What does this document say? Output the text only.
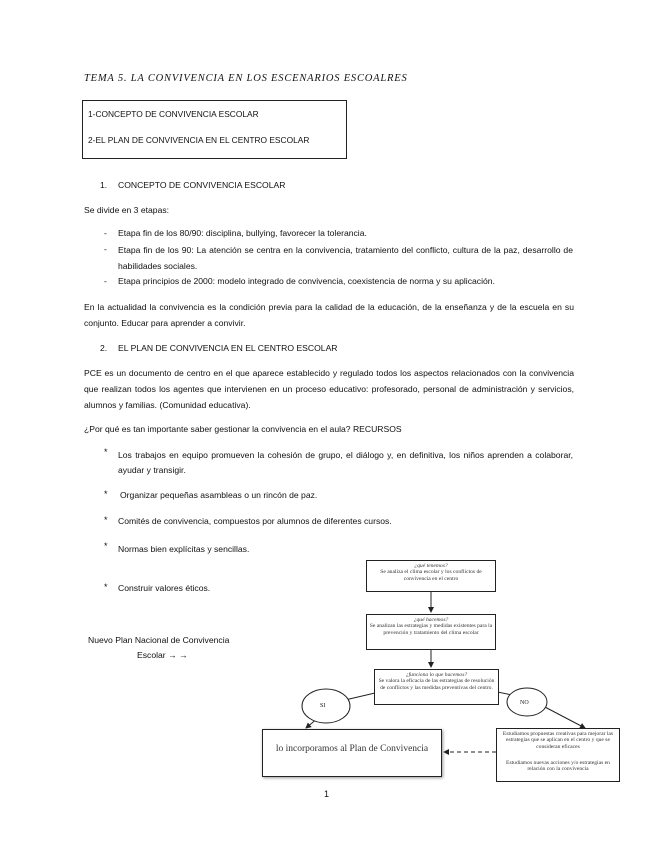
TEMA 5. LA CONVIVENCIA EN LOS ESCENARIOS ESCOALRES
1-CONCEPTO DE CONVIVENCIA ESCOLAR
2-EL PLAN DE CONVIVENCIA EN EL CENTRO ESCOLAR
1. CONCEPTO DE CONVIVENCIA ESCOLAR
Se divide en 3 etapas:
- Etapa fin de los 80/90: disciplina, bullying, favorecer la tolerancia.
- Etapa fin de los 90: La atención se centra en la convivencia, tratamiento del conflicto, cultura de la paz, desarrollo de habilidades sociales.
- Etapa principios de 2000: modelo integrado de convivencia, coexistencia de norma y su aplicación.
En la actualidad la convivencia es la condición previa para la calidad de la educación, de la enseñanza y de la escuela en su conjunto. Educar para aprender a convivir.
2. EL PLAN DE CONVIVENCIA EN EL CENTRO ESCOLAR
PCE es un documento de centro en el que aparece establecido y regulado todos los aspectos relacionados con la convivencia que realizan todos los agentes que intervienen en un proceso educativo: profesorado, personal de administración y servicios, alumnos y familias. (Comunidad educativa).
¿Por qué es tan importante saber gestionar la convivencia en el aula? RECURSOS
* Los trabajos en equipo promueven la cohesión de grupo, el diálogo y, en definitiva, los niños aprenden a colaborar, ayudar y transigir.
* Organizar pequeñas asambleas o un rincón de paz.
* Comités de convivencia, compuestos por alumnos de diferentes cursos.
* Normas bien explícitas y sencillas.
* Construir valores éticos.
Nuevo Plan Nacional de Convivencia
Escolar → →
SI	NO
¿qué tenemos?
Se analiza el clima escolar y los conflictos de convivencia en el centro
¿qué hacemos?
Se analizan las estrategias y medidas existentes para la prevención y tratamiento del clima escolar
¿funciona lo que hacemos?
Se valora la eficacia de las estrategias de resolución de conflictos y las medidas preventivas del centro.
lo incorporamos al Plan de Convivencia
Estudiamos propuestas creativas para mejorar las estrategias que se aplican en el centro y que se consideran eficaces
Estudiamos nuevas acciones y/o estrategias en relación con la convivencia
1
